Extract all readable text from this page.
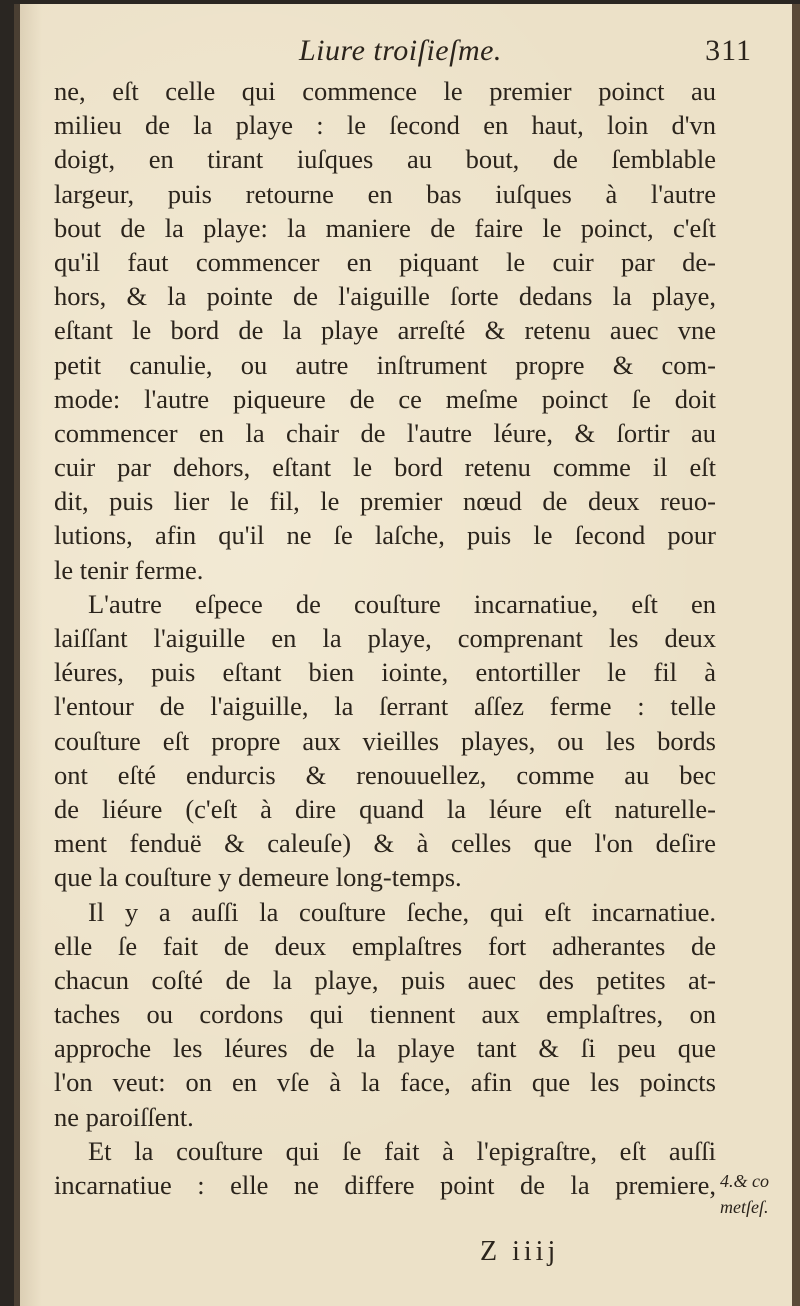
Liure troiſieſme.	311
ne, eſt celle qui commence le premier poinct au
milieu de la playe : le ſecond en haut, loin d'vn
doigt, en tirant iuſques au bout, de ſemblable
largeur, puis retourne en bas iuſques à l'autre
bout de la playe: la maniere de faire le poinct, c'eſt
qu'il faut commencer en piquant le cuir par de-
hors, & la pointe de l'aiguille ſorte dedans la playe,
eſtant le bord de la playe arreſté & retenu auec vne
petit canulie, ou autre inſtrument propre & com-
mode: l'autre piqueure de ce meſme poinct ſe doit
commencer en la chair de l'autre léure, & ſortir au
cuir par dehors, eſtant le bord retenu comme il eſt
dit, puis lier le fil, le premier nœud de deux reuo-
lutions, afin qu'il ne ſe laſche, puis le ſecond pour
le tenir ferme.
L'autre eſpece de couſture incarnatiue, eſt en
laiſſant l'aiguille en la playe, comprenant les deux
léures, puis eſtant bien iointe, entortiller le fil à
l'entour de l'aiguille, la ſerrant aſſez ferme : telle
couſture eſt propre aux vieilles playes, ou les bords
ont eſté endurcis & renouuellez, comme au bec
de liéure (c'eſt à dire quand la léure eſt naturelle-
ment fenduë & caleuſe) & à celles que l'on deſire
que la couſture y demeure long-temps.
Il y a auſſi la couſture ſeche, qui eſt incarnatiue.
elle ſe fait de deux emplaſtres fort adherantes de
chacun coſté de la playe, puis auec des petites at-
taches ou cordons qui tiennent aux emplaſtres, on
approche les léures de la playe tant & ſi peu que
l'on veut: on en vſe à la face, afin que les poincts
ne paroiſſent.
Et la couſture qui ſe fait à l'epigraſtre, eſt auſſi
incarnatiue : elle ne differe point de la premiere, 4.& co
metſeſ.
Z iiij
